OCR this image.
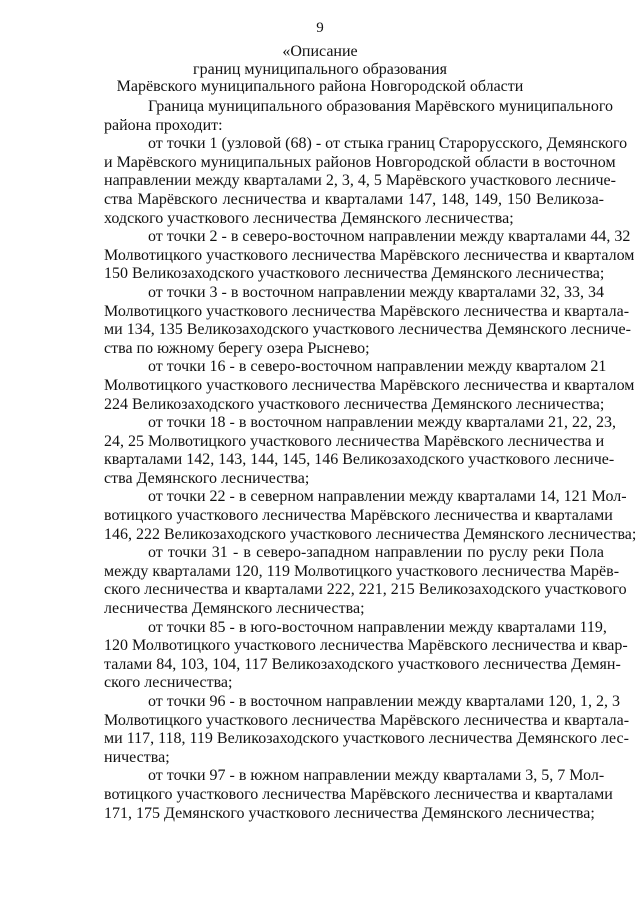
9
«Описание
границ муниципального образования
Марёвского муниципального района Новгородской области
Граница муниципального образования Марёвского муниципального
района проходит:
от точки 1 (узловой (68) - от стыка границ Старорусского, Демянского
и Марёвского муниципальных районов Новгородской области в восточном
направлении между кварталами 2, 3, 4, 5 Марёвского участкового лесниче-
ства Марёвского лесничества и кварталами 147, 148, 149, 150 Великоза-
ходского участкового лесничества Демянского лесничества;
от точки 2 - в северо-восточном направлении между кварталами 44, 32
Молвотицкого участкового лесничества Марёвского лесничества и кварталом
150 Великозаходского участкового лесничества Демянского лесничества;
от точки 3 - в восточном направлении между кварталами 32, 33, 34
Молвотицкого участкового лесничества Марёвского лесничества и квартала-
ми 134, 135 Великозаходского участкового лесничества Демянского лесниче-
ства по южному берегу озера Рыснево;
от точки 16 - в северо-восточном направлении между кварталом 21
Молвотицкого участкового лесничества Марёвского лесничества и кварталом
224 Великозаходского участкового лесничества Демянского лесничества;
от точки 18 - в восточном направлении между кварталами 21, 22, 23,
24, 25 Молвотицкого участкового лесничества Марёвского лесничества и
кварталами 142, 143, 144, 145, 146 Великозаходского участкового лесниче-
ства Демянского лесничества;
от точки 22 - в северном направлении между кварталами 14, 121 Мол-
вотицкого участкового лесничества Марёвского лесничества и кварталами
146, 222 Великозаходского участкового лесничества Демянского лесничества;
от точки 31 - в северо-западном направлении по руслу реки Пола
между кварталами 120, 119 Молвотицкого участкового лесничества Марёв-
ского лесничества и кварталами 222, 221, 215 Великозаходского участкового
лесничества Демянского лесничества;
от точки 85 - в юго-восточном направлении между кварталами 119,
120 Молвотицкого участкового лесничества Марёвского лесничества и квар-
талами 84, 103, 104, 117 Великозаходского участкового лесничества Демян-
ского лесничества;
от точки 96 - в восточном направлении между кварталами 120, 1, 2, 3
Молвотицкого участкового лесничества Марёвского лесничества и квартала-
ми 117, 118, 119 Великозаходского участкового лесничества Демянского лес-
ничества;
от точки 97 - в южном направлении между кварталами 3, 5, 7 Мол-
вотицкого участкового лесничества Марёвского лесничества и кварталами
171, 175 Демянского участкового лесничества Демянского лесничества;
